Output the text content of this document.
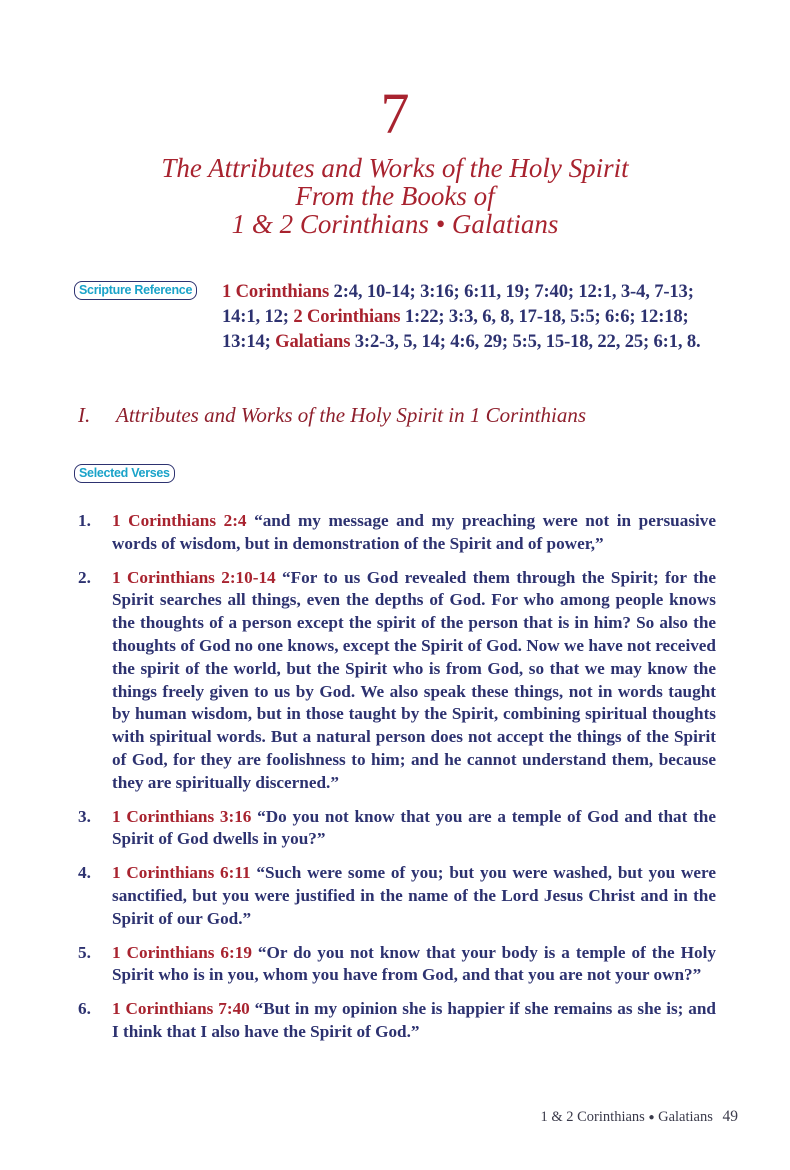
7
The Attributes and Works of the Holy Spirit
From the Books of
1 & 2 Corinthians • Galatians
Scripture Reference 1 Corinthians 2:4, 10-14; 3:16; 6:11, 19; 7:40; 12:1, 3-4, 7-13; 14:1, 12; 2 Corinthians 1:22; 3:3, 6, 8, 17-18, 5:5; 6:6; 12:18; 13:14; Galatians 3:2-3, 5, 14; 4:6, 29; 5:5, 15-18, 22, 25; 6:1, 8.
I. Attributes and Works of the Holy Spirit in 1 Corinthians
Selected Verses
1. 1 Corinthians 2:4 “and my message and my preaching were not in persuasive words of wisdom, but in demonstration of the Spirit and of power,”
2. 1 Corinthians 2:10-14 “For to us God revealed them through the Spirit; for the Spirit searches all things, even the depths of God. For who among people knows the thoughts of a person except the spirit of the person that is in him? So also the thoughts of God no one knows, except the Spirit of God. Now we have not received the spirit of the world, but the Spirit who is from God, so that we may know the things freely given to us by God. We also speak these things, not in words taught by human wisdom, but in those taught by the Spirit, combining spiritual thoughts with spiritual words. But a natural person does not accept the things of the Spirit of God, for they are foolishness to him; and he cannot understand them, because they are spiritually discerned.”
3. 1 Corinthians 3:16 “Do you not know that you are a temple of God and that the Spirit of God dwells in you?”
4. 1 Corinthians 6:11 “Such were some of you; but you were washed, but you were sanctified, but you were justified in the name of the Lord Jesus Christ and in the Spirit of our God.”
5. 1 Corinthians 6:19 “Or do you not know that your body is a temple of the Holy Spirit who is in you, whom you have from God, and that you are not your own?”
6. 1 Corinthians 7:40 “But in my opinion she is happier if she remains as she is; and I think that I also have the Spirit of God.”
1 & 2 Corinthians ● Galatians 49
